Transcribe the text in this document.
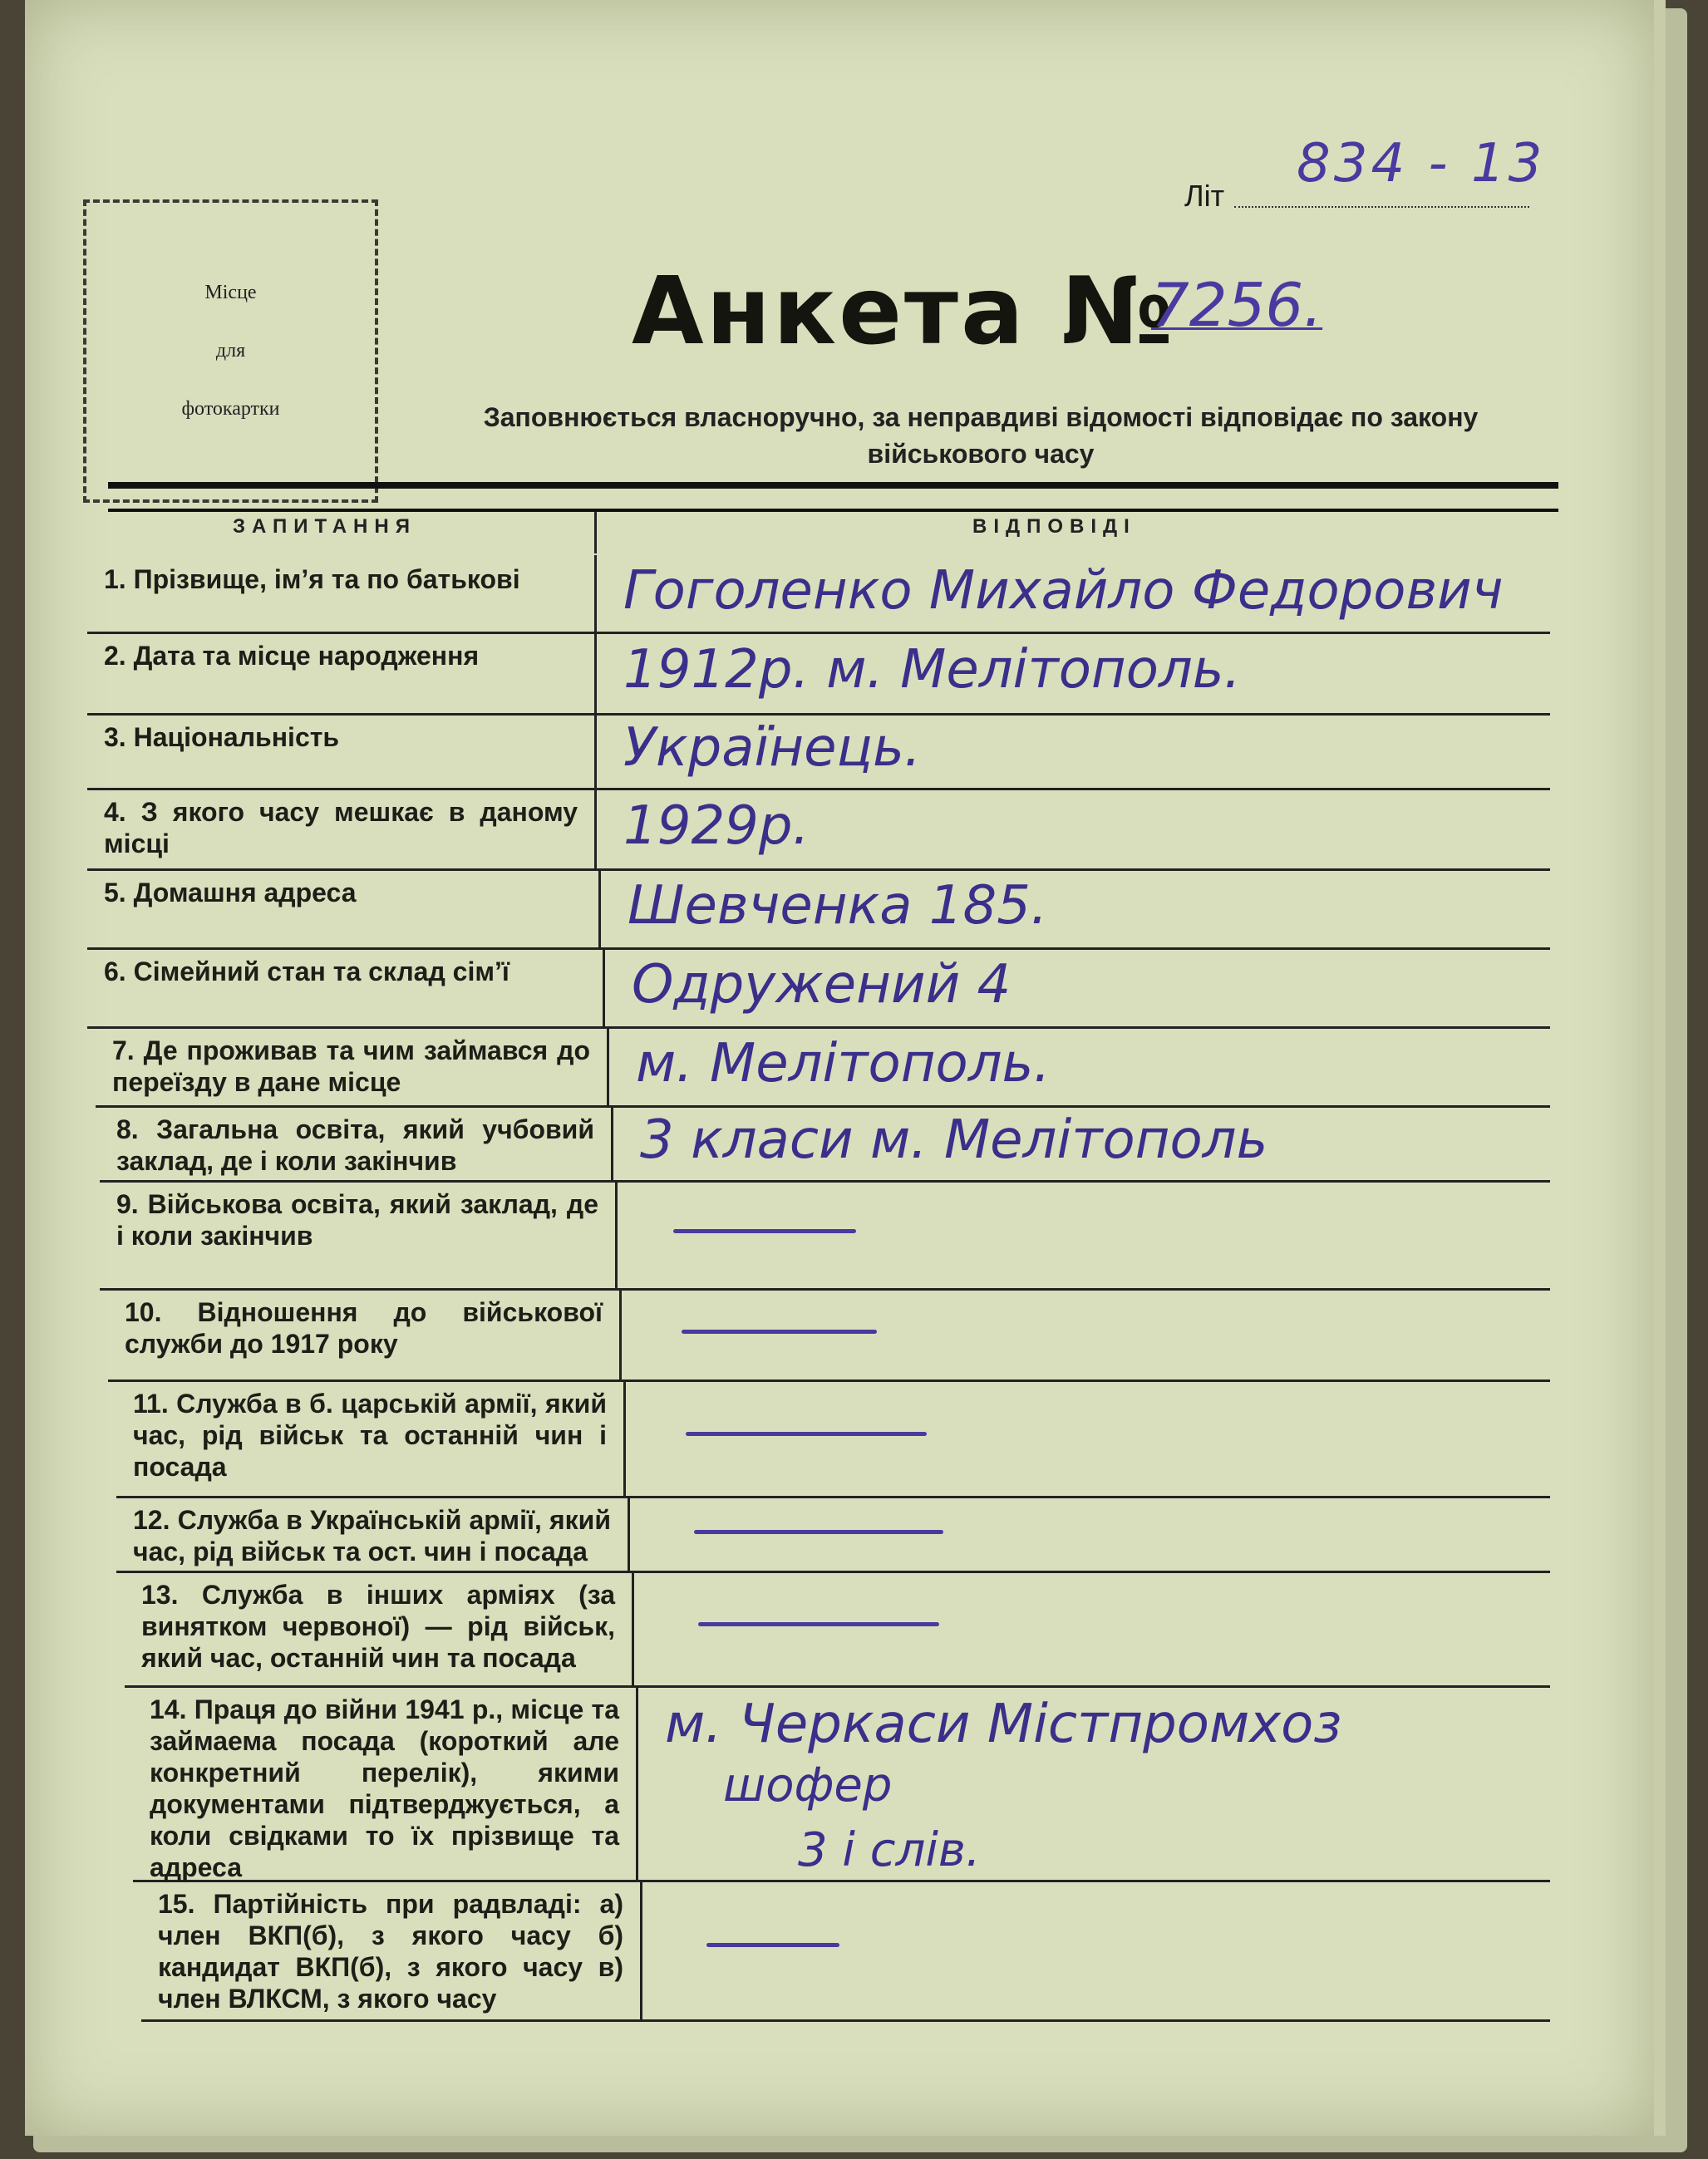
Літ
834 - 13
Місце
для
фотокартки
Анкета №
7256.
Заповнюється власноручно, за неправдиві відомості відповідає по закону військового часу
ЗАПИТАННЯ	ВІДПОВІДІ
1. Прізвище, ім’я та по батькові	Гоголенко Михайло Федорович
2. Дата та місце народження	1912р. м. Мелітополь.
3. Національність	Українець.
4. З якого часу мешкає в даному місці	1929р.
5. Домашня адреса	Шевченка 185.
6. Сімейний стан та склад сім’ї	Одружений 4
7. Де проживав та чим займався до переїзду в дане місце	м. Мелітополь.
8. Загальна освіта, який учбовий заклад, де і коли закінчив	3 класи м. Мелітополь
9. Військова освіта, який заклад, де і коли закінчив
10. Відношення до військової служби до 1917 року
11. Служба в б. царській армії, який час, рід військ та останній чин і посада
12. Служба в Українській армії, який час, рід військ та ост. чин і посада
13. Служба в інших арміях (за винятком червоної) — рід військ, який час, останній чин та посада
14. Праця до війни 1941 р., місце та займаема посада (короткий але конкретний перелік), якими документами підтверджується, а коли свідками то їх прізвище та адреса
м. Черкаси Містпромхоз
шофер
3 і слів.
15. Партійність при радвладі: а) член ВКП(б), з якого часу б) кандидат ВКП(б), з якого часу в) член ВЛКСМ, з якого часу
